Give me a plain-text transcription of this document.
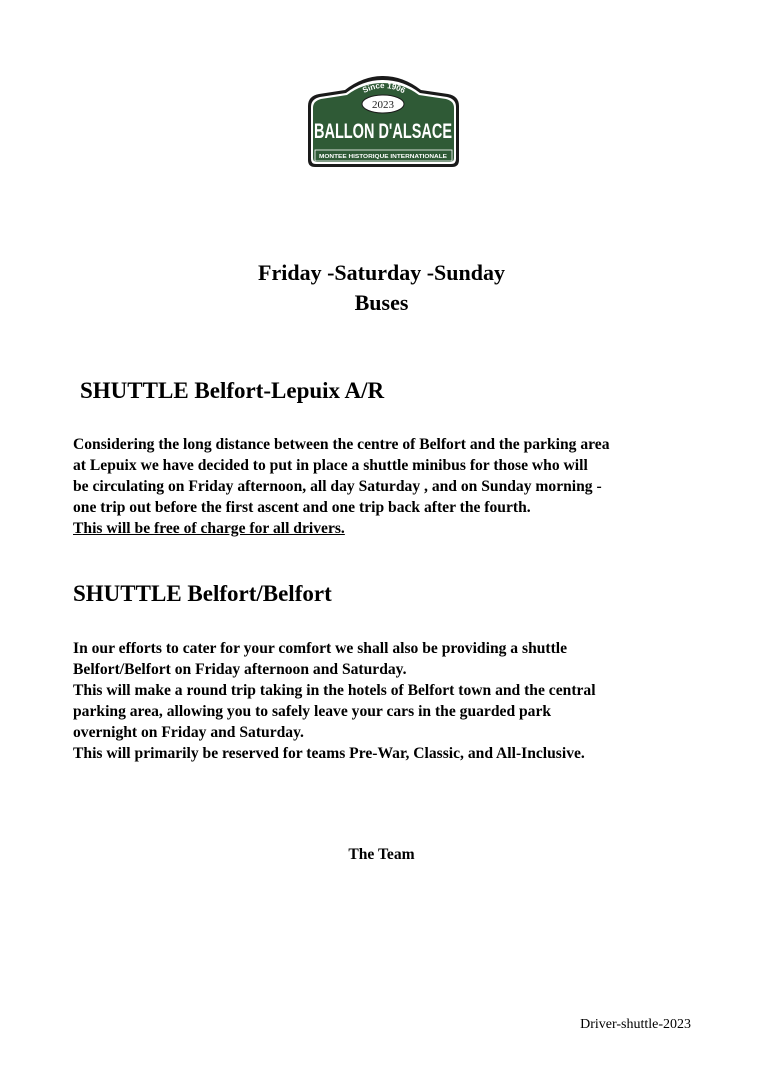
Since 1906
2023
BALLON D'ALSACE
MONTEE HISTORIQUE INTERNATIONALE
Friday -Saturday -Sunday
Buses
SHUTTLE Belfort-Lepuix A/R

Considering the long distance between the centre of Belfort and the parking area
at Lepuix we have decided to put in place a shuttle minibus for those who will
be circulating on Friday afternoon, all day Saturday , and on Sunday morning -
one trip out before the first ascent and one trip back after the fourth.
This will be free of charge for all drivers.

SHUTTLE Belfort/Belfort

In our efforts to cater for your comfort we shall also be providing a shuttle
Belfort/Belfort on Friday afternoon and Saturday.
This will make a round trip taking in the hotels of Belfort town and the central
parking area, allowing you to safely leave your cars in the guarded park
overnight on Friday and Saturday.
This will primarily be reserved for teams Pre-War, Classic, and All-Inclusive.

The Team
Driver-shuttle-2023
